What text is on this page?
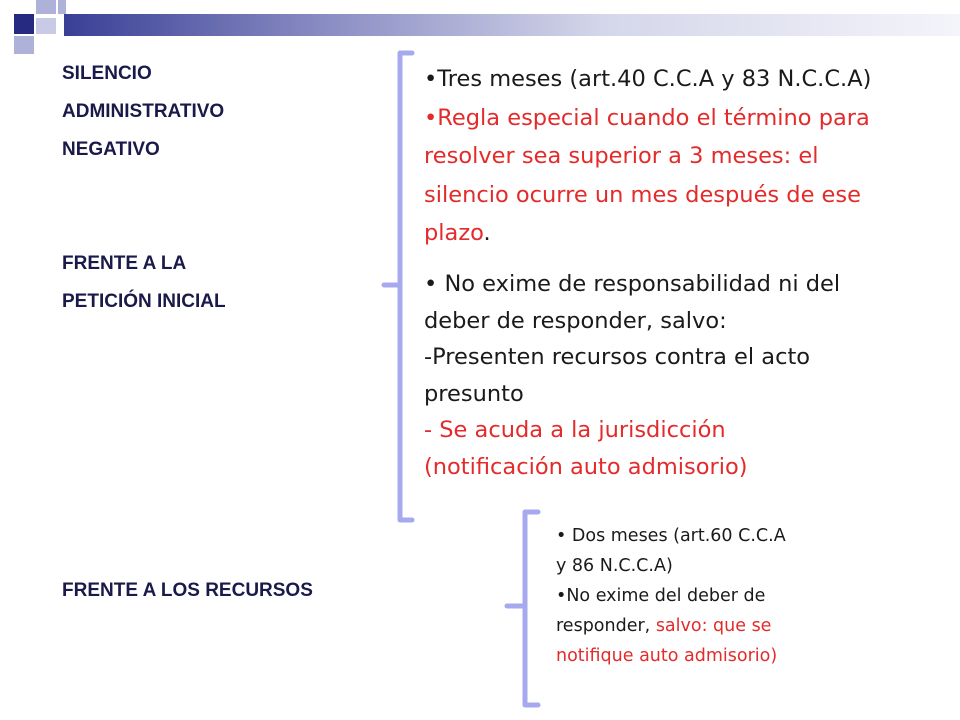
SILENCIO
ADMINISTRATIVO
NEGATIVO
FRENTE A LA
PETICIÓN INICIAL
FRENTE A LOS RECURSOS
•Tres meses (art.40 C.C.A y 83 N.C.C.A)
•Regla especial cuando el término para
resolver sea superior a 3 meses: el
silencio ocurre un mes después de ese
plazo.
• No exime de responsabilidad ni del
deber de responder, salvo:
-Presenten recursos contra el acto
presunto
- Se acuda a la jurisdicción
(notificación auto admisorio)
• Dos meses (art.60 C.C.A
y 86 N.C.C.A)
•No exime del deber de
responder, salvo: que se
notifique auto admisorio)
